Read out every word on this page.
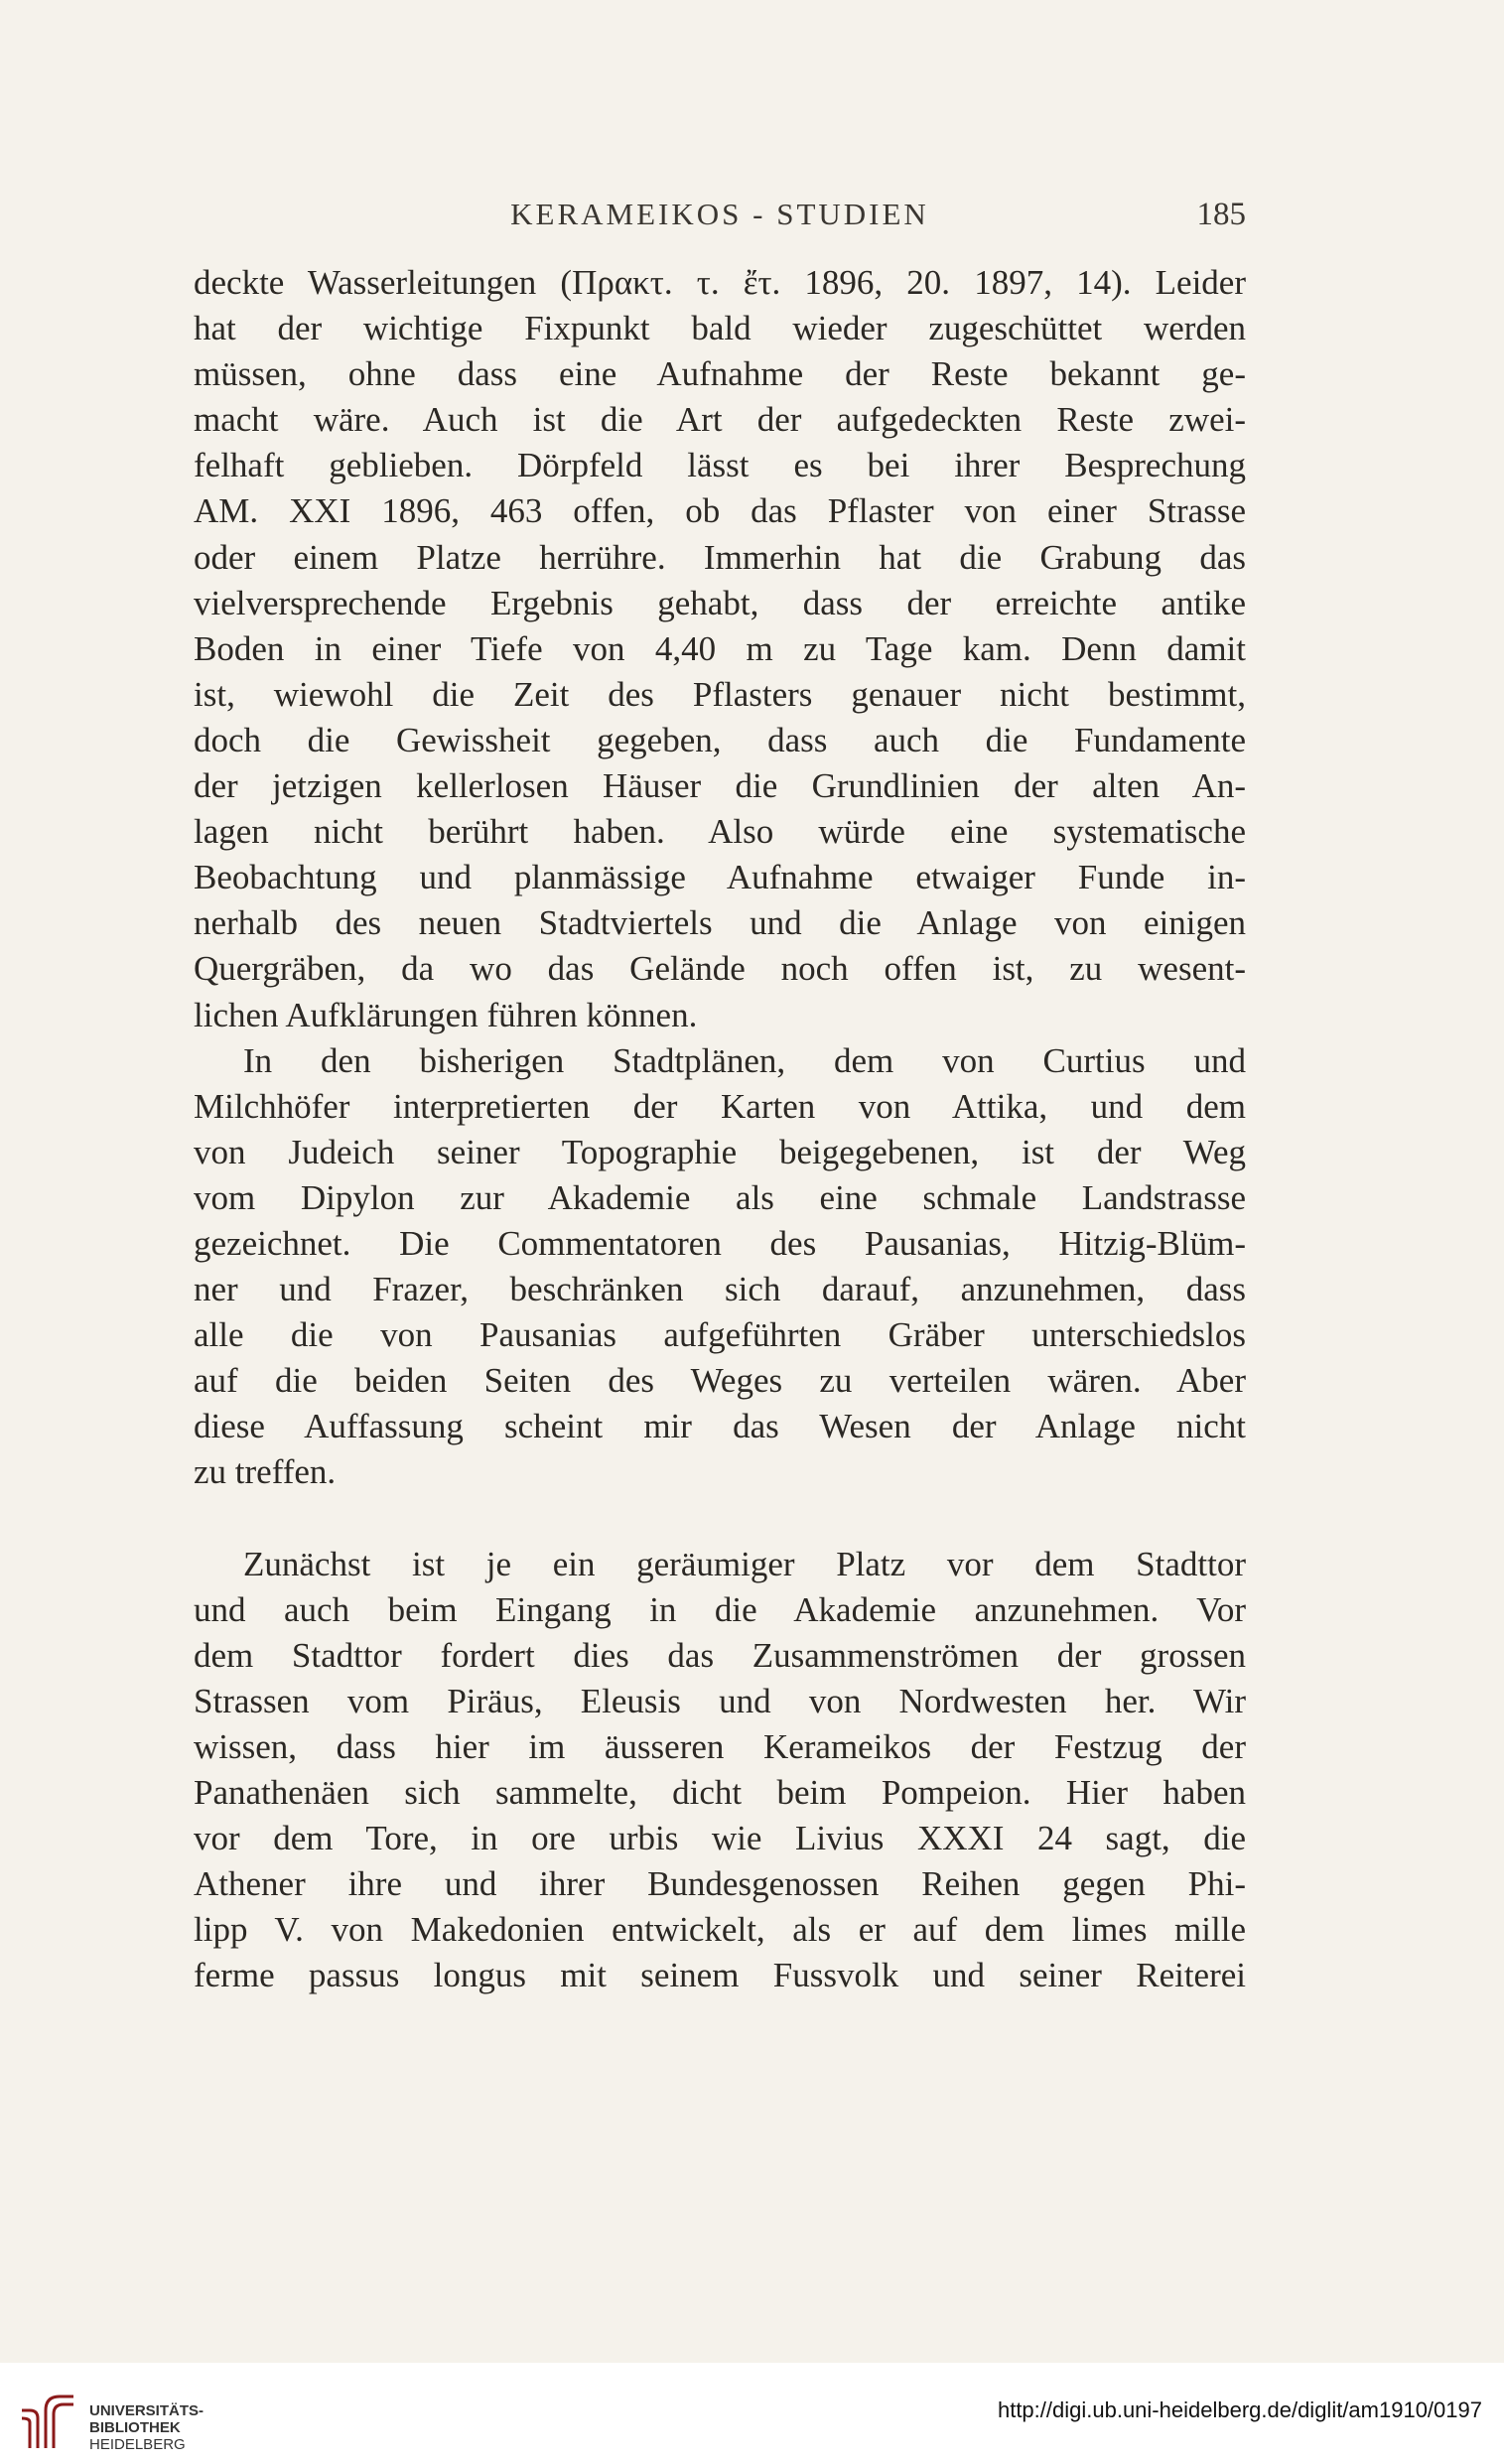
KERAMEIKOS - STUDIEN	185
deckte Wasserleitungen (Πρακτ. τ. ἔτ. 1896, 20. 1897, 14). Leider
hat der wichtige Fixpunkt bald wieder zugeschüttet werden
müssen, ohne dass eine Aufnahme der Reste bekannt ge-
macht wäre. Auch ist die Art der aufgedeckten Reste zwei-
felhaft geblieben. Dörpfeld lässt es bei ihrer Besprechung
AM. XXI 1896, 463 offen, ob das Pflaster von einer Strasse
oder einem Platze herrühre. Immerhin hat die Grabung das
vielversprechende Ergebnis gehabt, dass der erreichte antike
Boden in einer Tiefe von 4,40 m zu Tage kam. Denn damit
ist, wiewohl die Zeit des Pflasters genauer nicht bestimmt,
doch die Gewissheit gegeben, dass auch die Fundamente
der jetzigen kellerlosen Häuser die Grundlinien der alten An-
lagen nicht berührt haben. Also würde eine systematische
Beobachtung und planmässige Aufnahme etwaiger Funde in-
nerhalb des neuen Stadtviertels und die Anlage von einigen
Quergräben, da wo das Gelände noch offen ist, zu wesent-
lichen Aufklärungen führen können.
In den bisherigen Stadtplänen, dem von Curtius und
Milchhöfer interpretierten der Karten von Attika, und dem
von Judeich seiner Topographie beigegebenen, ist der Weg
vom Dipylon zur Akademie als eine schmale Landstrasse
gezeichnet. Die Commentatoren des Pausanias, Hitzig-Blüm-
ner und Frazer, beschränken sich darauf, anzunehmen, dass
alle die von Pausanias aufgeführten Gräber unterschiedslos
auf die beiden Seiten des Weges zu verteilen wären. Aber
diese Auffassung scheint mir das Wesen der Anlage nicht
zu treffen.
Zunächst ist je ein geräumiger Platz vor dem Stadttor
und auch beim Eingang in die Akademie anzunehmen. Vor
dem Stadttor fordert dies das Zusammenströmen der grossen
Strassen vom Piräus, Eleusis und von Nordwesten her. Wir
wissen, dass hier im äusseren Kerameikos der Festzug der
Panathenäen sich sammelte, dicht beim Pompeion. Hier haben
vor dem Tore, in ore urbis wie Livius XXXI 24 sagt, die
Athener ihre und ihrer Bundesgenossen Reihen gegen Phi-
lipp V. von Makedonien entwickelt, als er auf dem limes mille
ferme passus longus mit seinem Fussvolk und seiner Reiterei
UNIVERSITÄTS-
BIBLIOTHEK
HEIDELBERG
http://digi.ub.uni-heidelberg.de/diglit/am1910/0197
